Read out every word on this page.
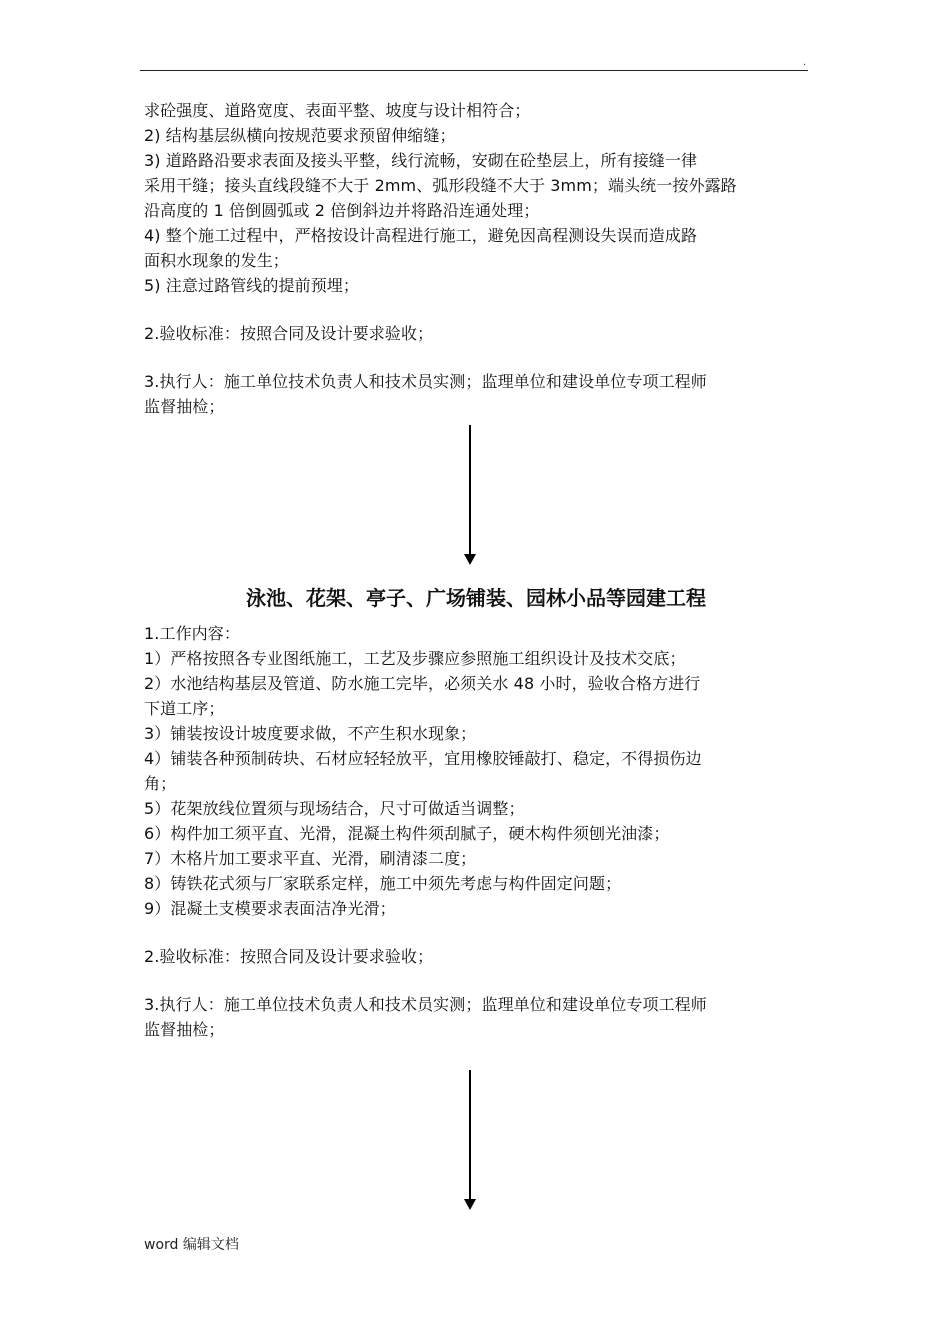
.
求砼强度、道路宽度、表面平整、坡度与设计相符合；
2) 结构基层纵横向按规范要求预留伸缩缝；
3) 道路路沿要求表面及接头平整，线行流畅，安砌在砼垫层上，所有接缝一律
采用干缝；接头直线段缝不大于 2mm、弧形段缝不大于 3mm；端头统一按外露路
沿高度的 1 倍倒圆弧或 2 倍倒斜边并将路沿连通处理；
4) 整个施工过程中，严格按设计高程进行施工，避免因高程测设失误而造成路
面积水现象的发生；
5) 注意过路管线的提前预埋；
2.验收标准：按照合同及设计要求验收；
3.执行人：施工单位技术负责人和技术员实测；监理单位和建设单位专项工程师
监督抽检；
泳池、花架、亭子、广场铺装、园林小品等园建工程
1.工作内容：
1）严格按照各专业图纸施工，工艺及步骤应参照施工组织设计及技术交底；
2）水池结构基层及管道、防水施工完毕，必须关水 48 小时，验收合格方进行
下道工序；
3）铺装按设计坡度要求做，不产生积水现象；
4）铺装各种预制砖块、石材应轻轻放平，宜用橡胶锤敲打、稳定，不得损伤边
角；
5）花架放线位置须与现场结合，尺寸可做适当调整；
6）构件加工须平直、光滑，混凝土构件须刮腻子，硬木构件须刨光油漆；
7）木格片加工要求平直、光滑，刷清漆二度；
8）铸铁花式须与厂家联系定样，施工中须先考虑与构件固定问题；
9）混凝土支模要求表面洁净光滑；
2.验收标准：按照合同及设计要求验收；
3.执行人：施工单位技术负责人和技术员实测；监理单位和建设单位专项工程师
监督抽检；
word 编辑文档
